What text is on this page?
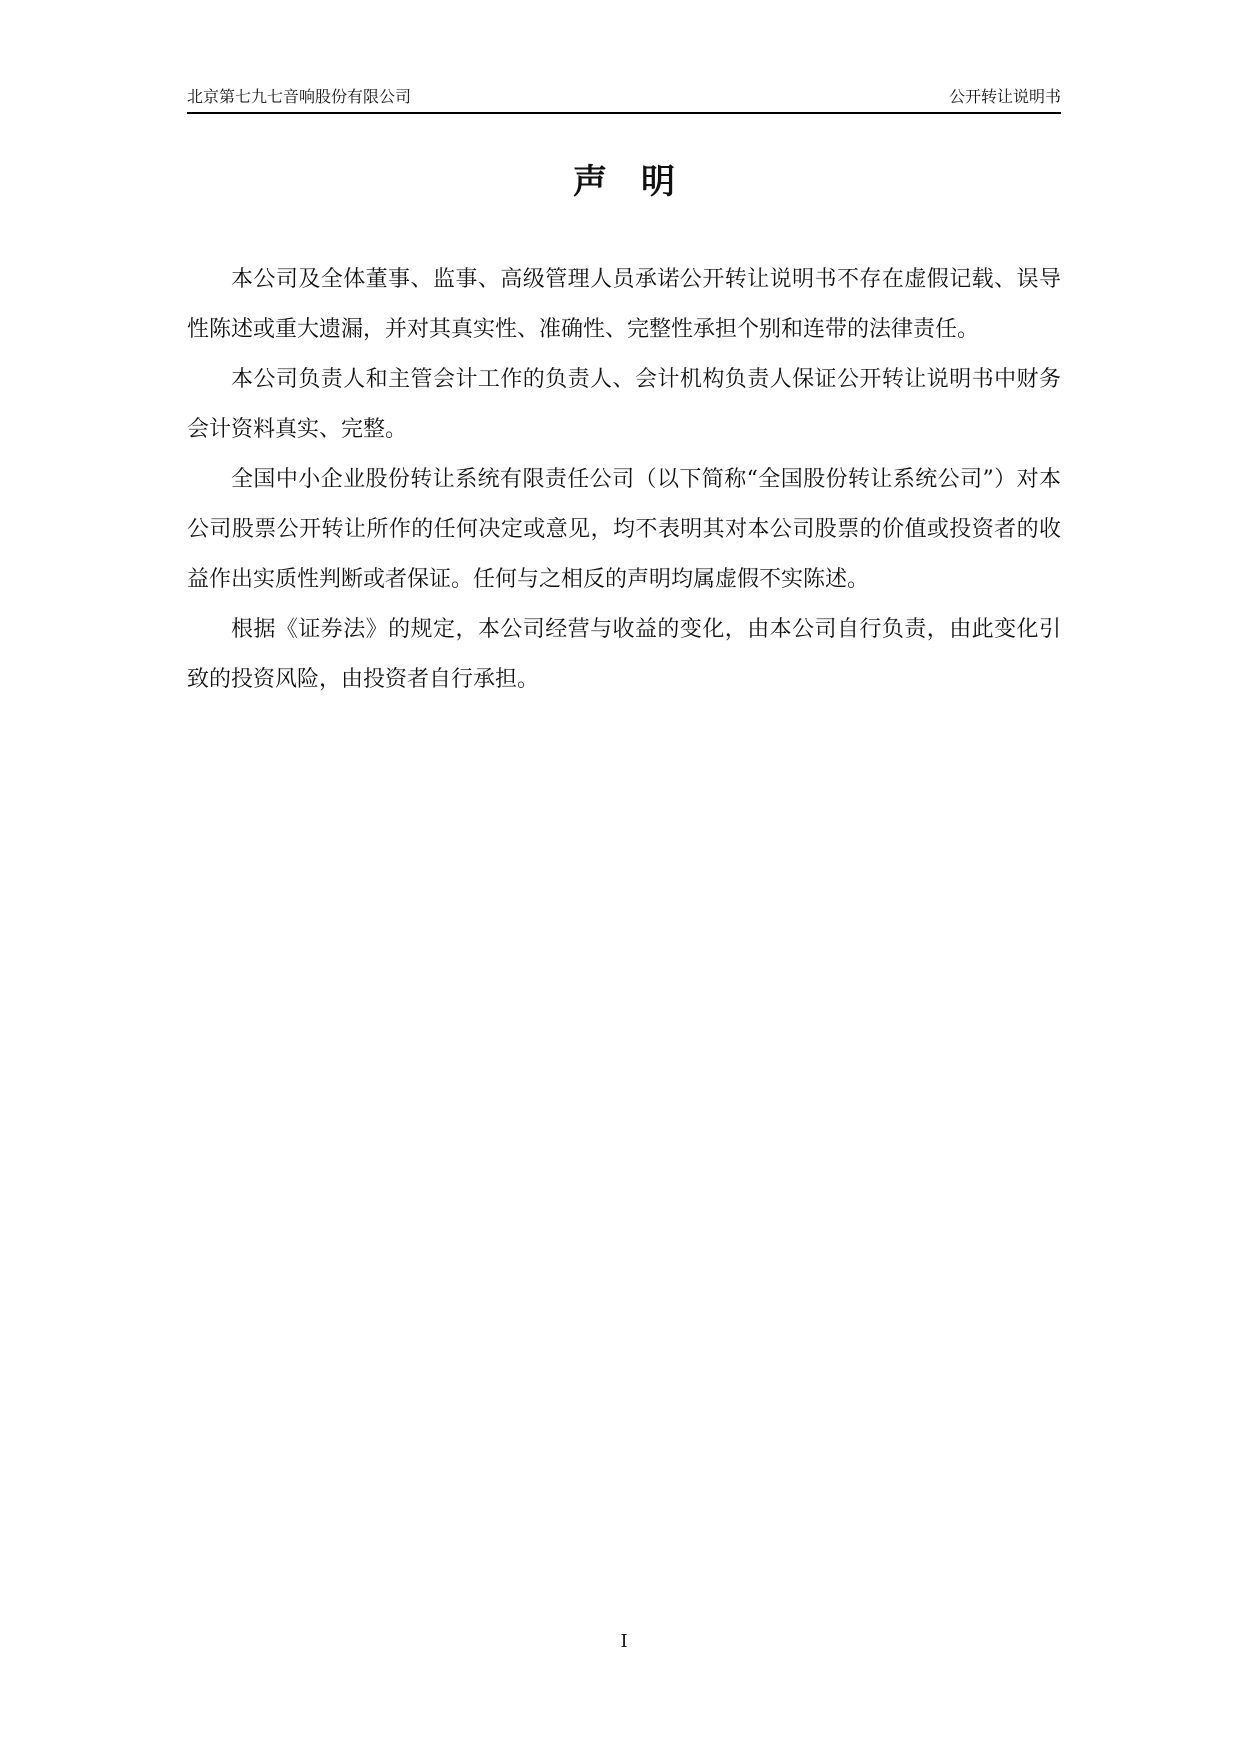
北京第七九七音响股份有限公司	公开转让说明书
声　明

本公司及全体董事、监事、高级管理人员承诺公开转让说明书不存在虚假记载、误导性陈述或重大遗漏，并对其真实性、准确性、完整性承担个别和连带的法律责任。

本公司负责人和主管会计工作的负责人、会计机构负责人保证公开转让说明书中财务会计资料真实、完整。

全国中小企业股份转让系统有限责任公司（以下简称“全国股份转让系统公司”）对本公司股票公开转让所作的任何决定或意见，均不表明其对本公司股票的价值或投资者的收益作出实质性判断或者保证。任何与之相反的声明均属虚假不实陈述。

根据《证券法》的规定，本公司经营与收益的变化，由本公司自行负责，由此变化引致的投资风险，由投资者自行承担。

I
